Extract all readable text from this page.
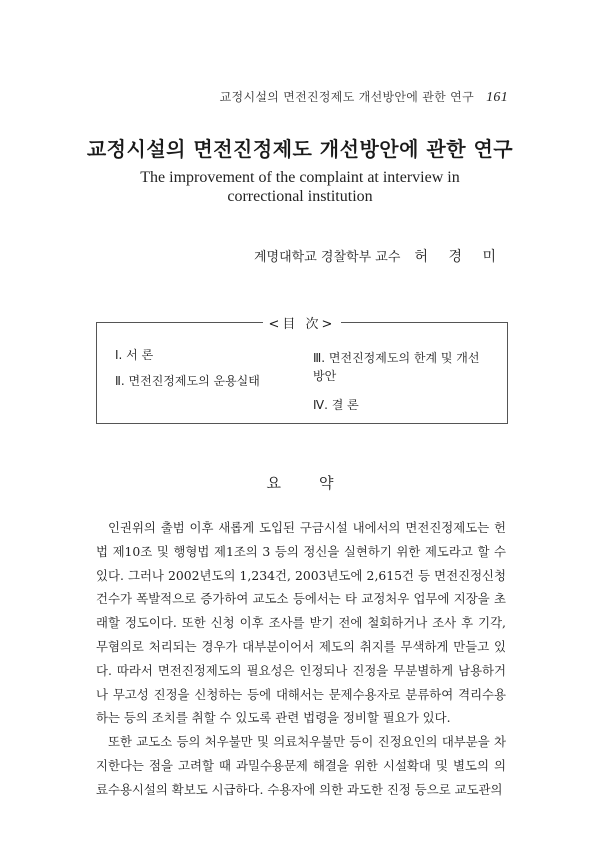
교정시설의 면전진정제도 개선방안에 관한 연구 161
교정시설의 면전진정제도 개선방안에 관한 연구
The improvement of the complaint at interview in
correctional institution
계명대학교 경찰학부 교수 허 경 미
<目 次>
Ⅰ. 서 론
Ⅱ. 면전진정제도의 운용실태
Ⅲ. 면전진정제도의 한계 및 개선방안
Ⅳ. 결 론
요약

인권위의 출범 이후 새롭게 도입된 구금시설 내에서의 면전진정제도는 헌법 제10조 및 행형법 제1조의 3 등의 정신을 실현하기 위한 제도라고 할 수 있다. 그러나 2002년도의 1,234건, 2003년도에 2,615건 등 면전진정신청건수가 폭발적으로 증가하여 교도소 등에서는 타 교정처우 업무에 지장을 초래할 정도이다. 또한 신청 이후 조사를 받기 전에 철회하거나 조사 후 기각, 무혐의로 처리되는 경우가 대부분이어서 제도의 취지를 무색하게 만들고 있다. 따라서 면전진정제도의 필요성은 인정되나 진정을 무분별하게 남용하거나 무고성 진정을 신청하는 등에 대해서는 문제수용자로 분류하여 격리수용하는 등의 조치를 취할 수 있도록 관련 법령을 정비할 필요가 있다.

또한 교도소 등의 처우불만 및 의료처우불만 등이 진정요인의 대부분을 차지한다는 점을 고려할 때 과밀수용문제 해결을 위한 시설확대 및 별도의 의료수용시설의 확보도 시급하다. 수용자에 의한 과도한 진정 등으로 교도관의
